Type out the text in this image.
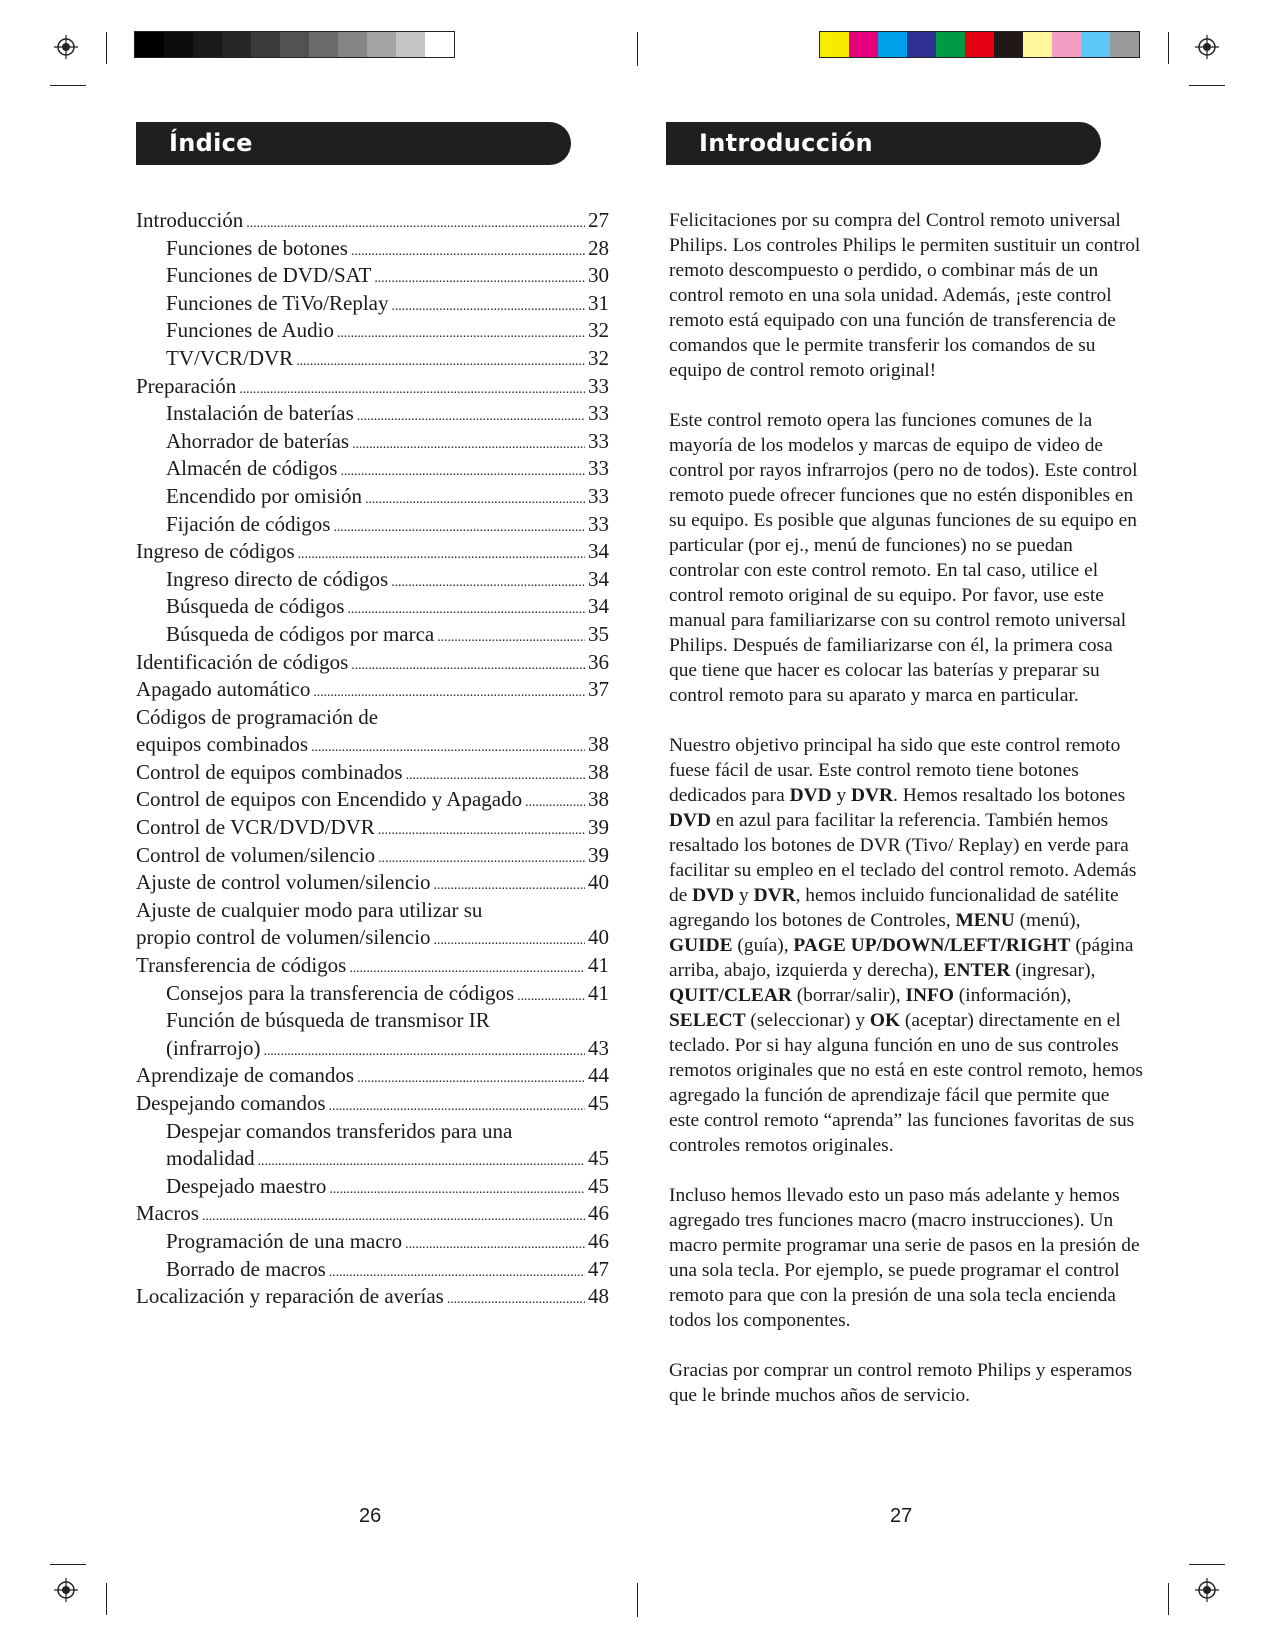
Índice	Introducción
Introducción . . .	27
Funciones de botones . . .	28
Funciones de DVD/SAT . . .	30
Funciones de TiVo/Replay . . .	31
Funciones de Audio . . .	32
TV/VCR/DVR . . .	32
Preparación . . .	33
Instalación de baterías . . .	33
Ahorrador de baterías . . .	33
Almacén de códigos . . .	33
Encendido por omisión . . .	33
Fijación de códigos . . .	33
Ingreso de códigos . . .	34
Ingreso directo de códigos . . .	34
Búsqueda de códigos . . .	34
Búsqueda de códigos por marca . . .	35
Identificación de códigos . . .	36
Apagado automático . . .	37
Códigos de programación de
equipos combinados . . .	38
Control de equipos combinados . . .	38
Control de equipos con Encendido y Apagado . . .	38
Control de VCR/DVD/DVR . . .	39
Control de volumen/silencio . . .	39
Ajuste de control volumen/silencio . . .	40
Ajuste de cualquier modo para utilizar su
propio control de volumen/silencio . . .	40
Transferencia de códigos . . .	41
Consejos para la transferencia de códigos . . .	41
Función de búsqueda de transmisor IR
(infrarrojo) . . .	43
Aprendizaje de comandos . . .	44
Despejando comandos . . .	45
Despejar comandos transferidos para una
modalidad . . .	45
Despejado maestro . . .	45
Macros . . .	46
Programación de una macro . . .	46
Borrado de macros . . .	47
Localización y reparación de averías . . .	48

Felicitaciones por su compra del Control remoto universal Philips. Los controles Philips le permiten sustituir un control remoto descompuesto o perdido, o combinar más de un control remoto en una sola unidad. Además, ¡este control remoto está equipado con una función de transferencia de comandos que le permite transferir los comandos de su equipo de control remoto original!

Este control remoto opera las funciones comunes de la mayoría de los modelos y marcas de equipo de video de control por rayos infrarrojos (pero no de todos). Este control remoto puede ofrecer funciones que no estén disponibles en su equipo. Es posible que algunas funciones de su equipo en particular (por ej., menú de funciones) no se puedan controlar con este control remoto. En tal caso, utilice el control remoto original de su equipo. Por favor, use este manual para familiarizarse con su control remoto universal Philips. Después de familiarizarse con él, la primera cosa que tiene que hacer es colocar las baterías y preparar su control remoto para su aparato y marca en particular.

Nuestro objetivo principal ha sido que este control remoto fuese fácil de usar. Este control remoto tiene botones dedicados para DVD y DVR. Hemos resaltado los botones DVD en azul para facilitar la referencia. También hemos resaltado los botones de DVR (Tivo/ Replay) en verde para facilitar su empleo en el teclado del control remoto. Además de DVD y DVR, hemos incluido funcionalidad de satélite agregando los botones de Controles, MENU (menú), GUIDE (guía), PAGE UP/DOWN/LEFT/RIGHT (página arriba, abajo, izquierda y derecha), ENTER (ingresar), QUIT/CLEAR (borrar/salir), INFO (información), SELECT (seleccionar) y OK (aceptar) directamente en el teclado. Por si hay alguna función en uno de sus controles remotos originales que no está en este control remoto, hemos agregado la función de aprendizaje fácil que permite que este control remoto “aprenda” las funciones favoritas de sus controles remotos originales.

Incluso hemos llevado esto un paso más adelante y hemos agregado tres funciones macro (macro instrucciones). Un macro permite programar una serie de pasos en la presión de una sola tecla. Por ejemplo, se puede programar el control remoto para que con la presión de una sola tecla encienda todos los componentes.

Gracias por comprar un control remoto Philips y esperamos que le brinde muchos años de servicio.

26	27
